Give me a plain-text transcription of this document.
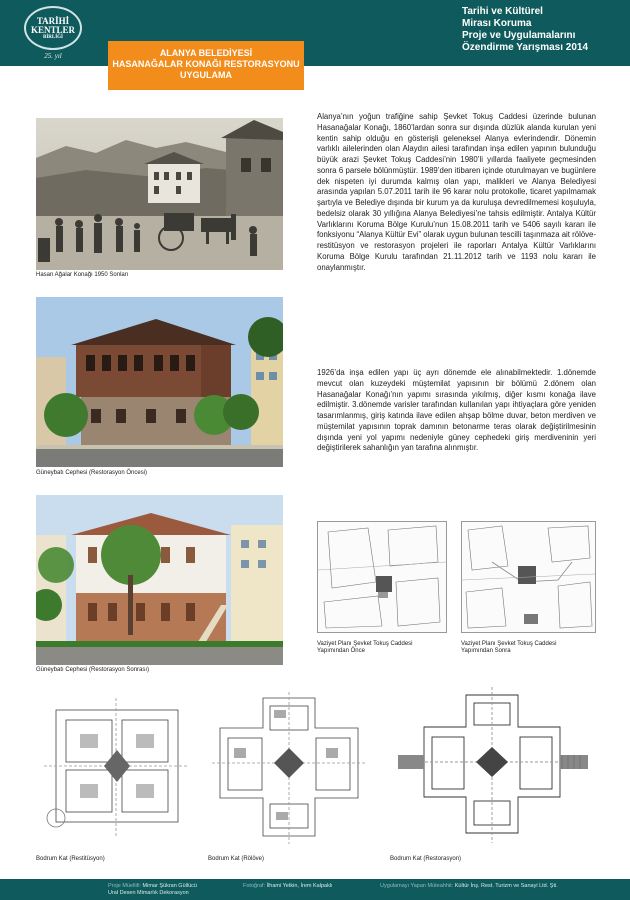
TARİHİ
KENTLER
BİRLİĞİ
25. yıl
Tarihi ve Kültürel
Mirası Koruma
Proje ve Uygulamalarını
Özendirme Yarışması 2014
ALANYA BELEDİYESİ
HASANAĞALAR KONAĞI RESTORASYONU
UYGULAMA
Hasan Ağalar Konağı 1950 Sonları
Güneybatı Cephesi (Restorasyon Öncesi)
Güneybatı Cephesi (Restorasyon Sonrası)
Alanya’nın yoğun trafiğine sahip Şevket Tokuş Caddesi üzerinde bulunan Hasanağalar Konağı, 1860’lardan sonra sur dışında düzlük alanda kurulan yeni kentin sahip olduğu en gösterişli geleneksel Alanya evlerindendir. Dönemin varlıklı ailelerinden olan Alaydın ailesi tarafından inşa edilen yapının bulunduğu büyük arazi Şevket Tokuş Caddesi’nin 1980’li yıllarda faaliyete geçmesinden sonra 6 parsele bölünmüştür. 1989’den itibaren içinde oturulmayan ve bugünlere dek nispeten iyi durumda kalmış olan yapı, malikleri ve Alanya Belediyesi arasında yapılan 5.07.2011 tarih ile 96 karar nolu protokolle, ticaret yapılmamak şartıyla ve Belediye dışında bir kurum ya da kuruluşa devredilmemesi koşuluyla, bedelsiz olarak 30 yıllığına Alanya Belediyesi’ne tahsis edilmiştir. Antalya Kültür Varlıklarını Koruma Bölge Kurulu’nun 15.08.2011 tarih ve 5406 sayılı kararı ile fonksiyonu “Alanya Kültür Evi” olarak uygun bulunan tescilli taşınmaza ait rölöve- restitüsyon ve restorasyon projeleri ile raporları Antalya Kültür Varlıklarını Koruma Bölge Kurulu tarafından 21.11.2012 tarih ve 1193 nolu kararı ile onaylanmıştır.
1926’da inşa edilen yapı üç ayrı dönemde ele alınabilmektedir. 1.dönemde mevcut olan kuzeydeki müştemilat yapısının bir bölümü 2.dönem olan Hasanağalar Konağı’nın yapımı sırasında yıkılmış, diğer kısmı konağa ilave edilmiştir. 3.dönemde varisler tarafından kullanılan yapı ihtiyaçlara göre yeniden tasarımlanmış, giriş katında ilave edilen ahşap bölme duvar, beton merdiven ve müştemilat yapısının toprak damının betonarme teras olarak değiştirilmesinin dışında yeni yol yapımı nedeniyle güney cephedeki giriş merdiveninin yeri değiştirilerek sahanlığın yan tarafına alınmıştır.
Vaziyet Planı Şevket Tokuş Caddesi
Yapımından Önce
Vaziyet Planı Şevket Tokuş Caddesi
Yapımından Sonra
Bodrum Kat (Restitüsyon)	Bodrum Kat (Rölöve)	Bodrum Kat (Restorasyon)
Proje Müellifi: Mimar Şükran Güllücü
Ural Desen Mimarlık Dekorasyon
Fotoğraf: İlhami Yetkin, İrem Kalpaklı	Uygulamayı Yapan Müteahhit: Kültür İnş. Rest. Turizm ve Sanayi Ltd. Şti.
